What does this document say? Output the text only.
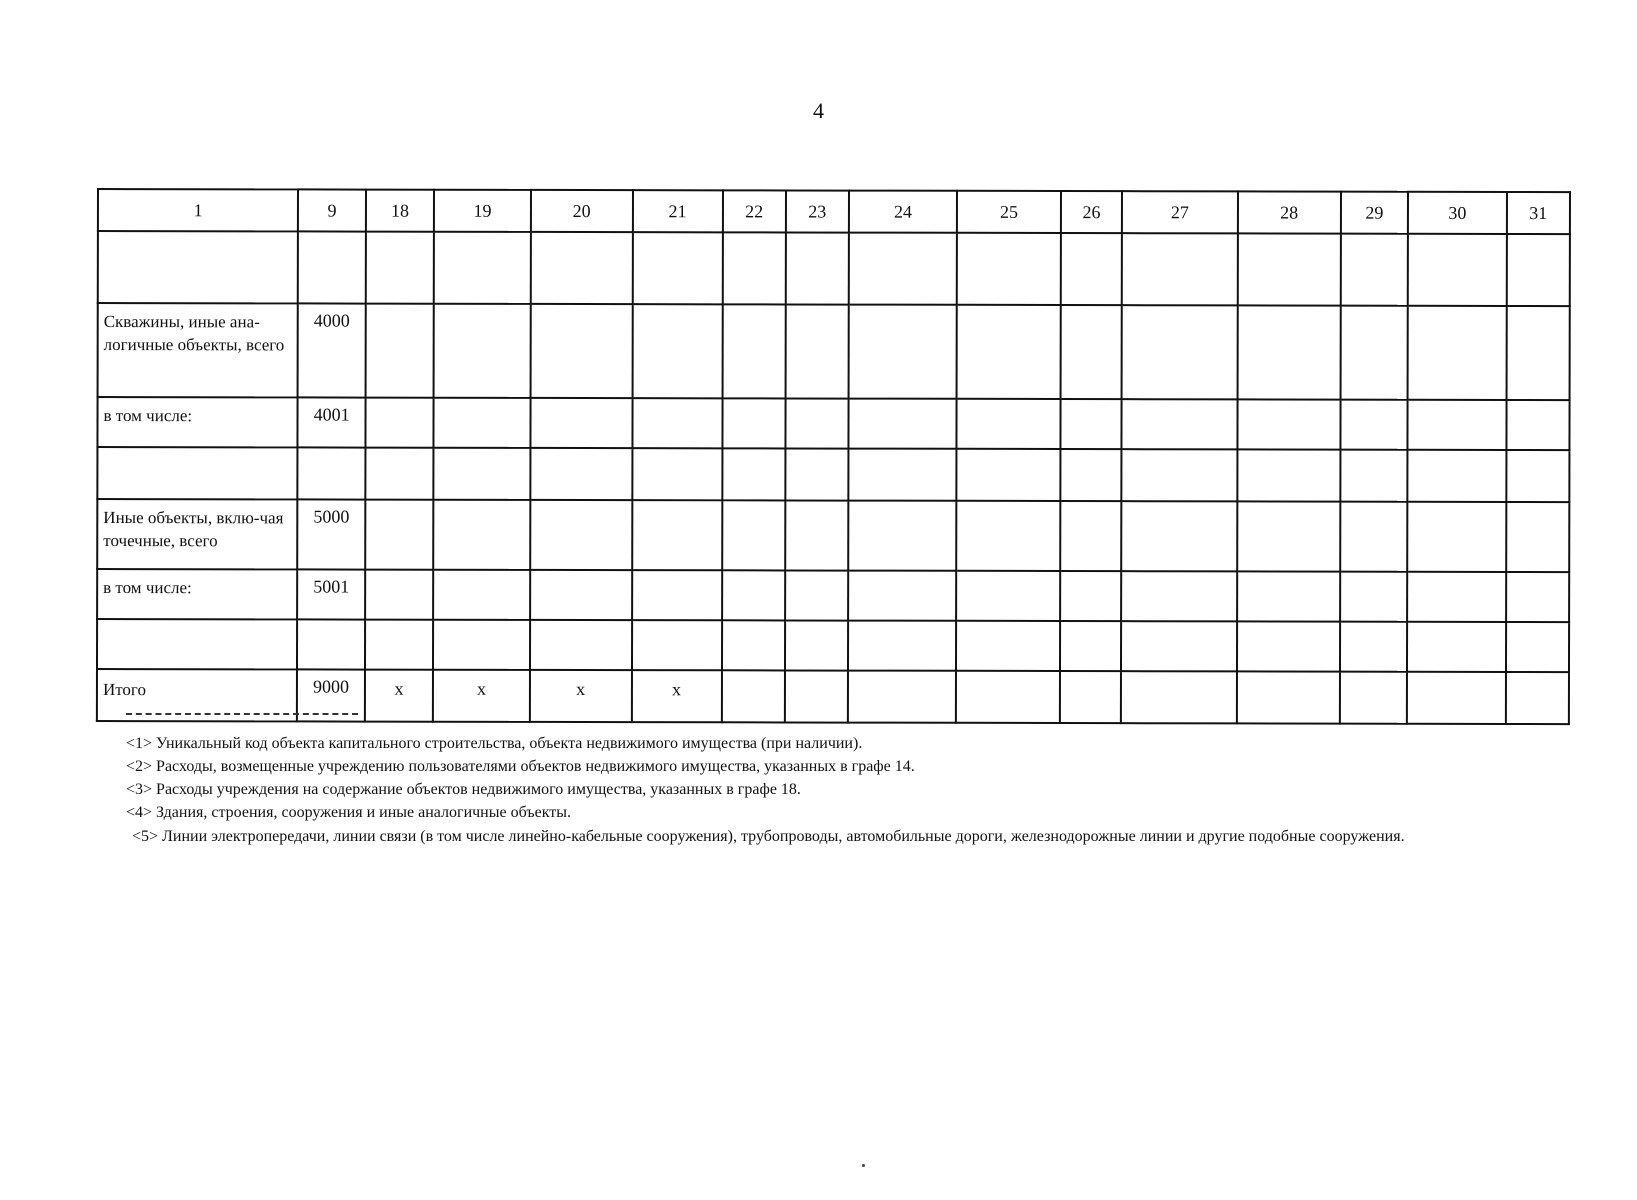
4
1	9	18	19	20	21	22	23	24	25	26	27	28	29	30	31

Скважины, иные ана-логичные объекты, всего	4000														
в том числе:	4001														

Иные объекты, вклю-чая точечные, всего	5000														
в том числе:	5001														

Итого	9000	x	x	x	x										

<1> Уникальный код объекта капитального строительства, объекта недвижимого имущества (при наличии).

<2> Расходы, возмещенные учреждению пользователями объектов недвижимого имущества, указанных в графе 14.

<3> Расходы учреждения на содержание объектов недвижимого имущества, указанных в графе 18.

<4> Здания, строения, сооружения и иные аналогичные объекты.

<5> Линии электропередачи, линии связи (в том числе линейно-кабельные сооружения), трубопроводы, автомобильные дороги, железнодорожные линии и другие подобные сооружения.
